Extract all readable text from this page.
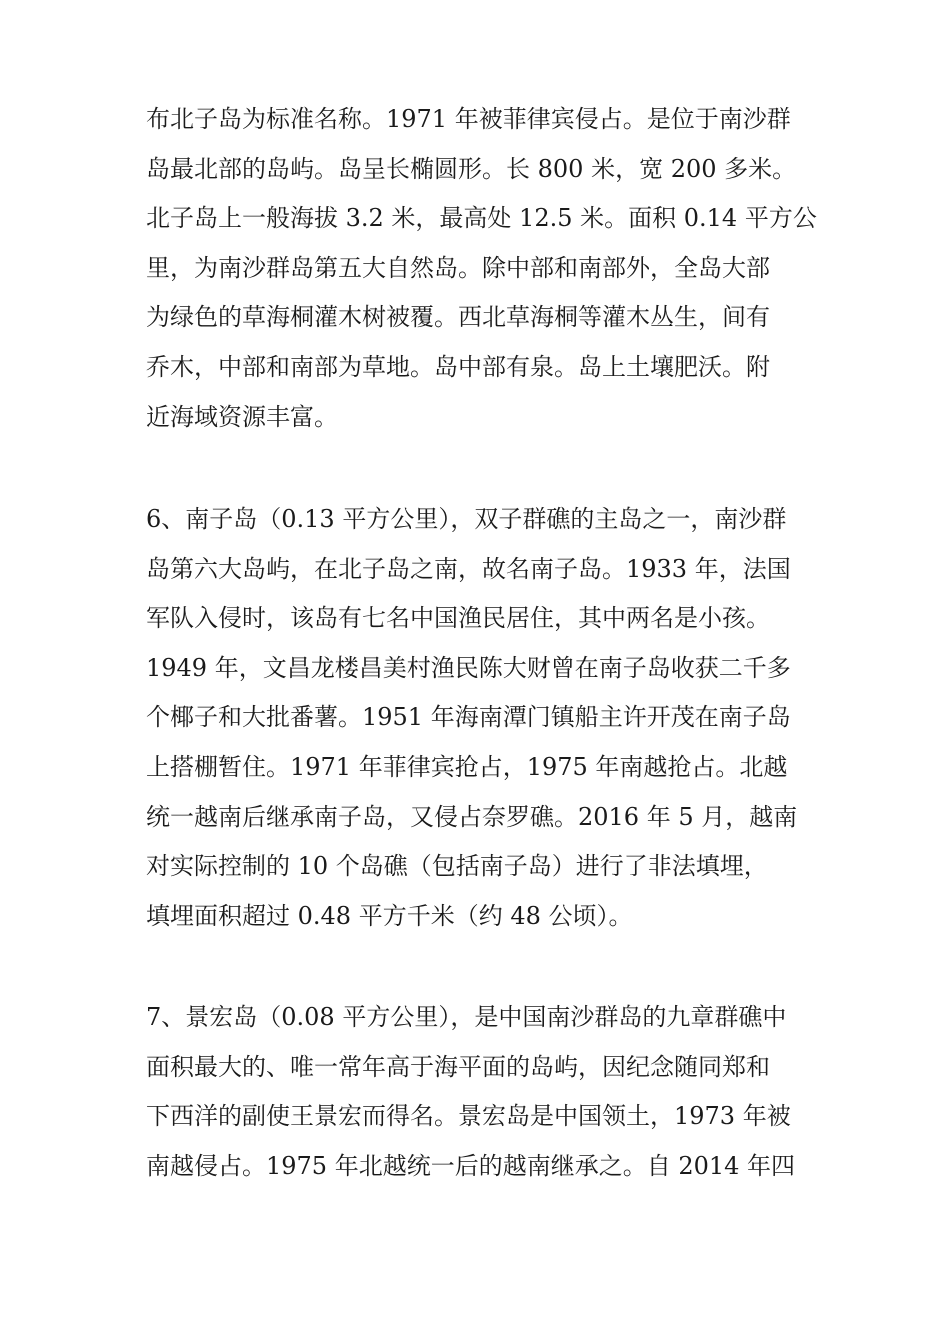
布北子岛为标准名称。1971 年被菲律宾侵占。是位于南沙群
岛最北部的岛屿。岛呈长椭圆形。长 800 米，宽 200 多米。
北子岛上一般海拔 3.2 米，最高处 12.5 米。面积 0.14 平方公
里，为南沙群岛第五大自然岛。除中部和南部外，全岛大部
为绿色的草海桐灌木树被覆。西北草海桐等灌木丛生，间有
乔木，中部和南部为草地。岛中部有泉。岛上土壤肥沃。附
近海域资源丰富。
6、南子岛（0.13 平方公里），双子群礁的主岛之一，南沙群
岛第六大岛屿，在北子岛之南，故名南子岛。1933 年，法国
军队入侵时，该岛有七名中国渔民居住，其中两名是小孩。
1949 年，文昌龙楼昌美村渔民陈大财曾在南子岛收获二千多
个椰子和大批番薯。1951 年海南潭门镇船主许开茂在南子岛
上搭棚暂住。1971 年菲律宾抢占，1975 年南越抢占。北越
统一越南后继承南子岛，又侵占奈罗礁。2016 年 5 月，越南
对实际控制的 10 个岛礁（包括南子岛）进行了非法填埋，
填埋面积超过 0.48 平方千米（约 48 公顷）。
7、景宏岛（0.08 平方公里），是中国南沙群岛的九章群礁中
面积最大的、唯一常年高于海平面的岛屿，因纪念随同郑和
下西洋的副使王景宏而得名。景宏岛是中国领土，1973 年被
南越侵占。1975 年北越统一后的越南继承之。自 2014 年四
